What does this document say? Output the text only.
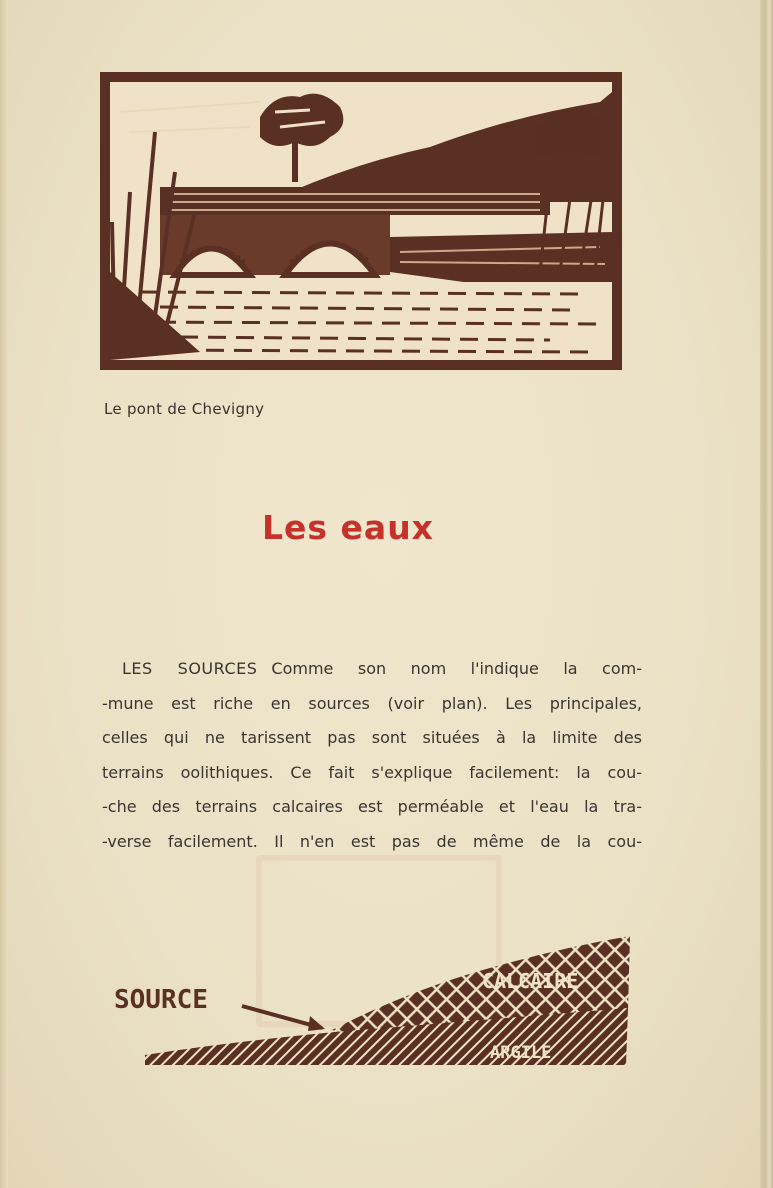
Le pont de Chevigny
Les eaux
LES SOURCES Comme son nom l'indique la com-
-mune est riche en sources (voir plan). Les principales,
celles qui ne tarissent pas sont situées à la limite des
terrains oolithiques. Ce fait s'explique facilement: la cou-
-che des terrains calcaires est perméable et l'eau la tra-
-verse facilement. Il n'en est pas de même de la cou-
SOURCE
CALCAIRE
ARGILE
